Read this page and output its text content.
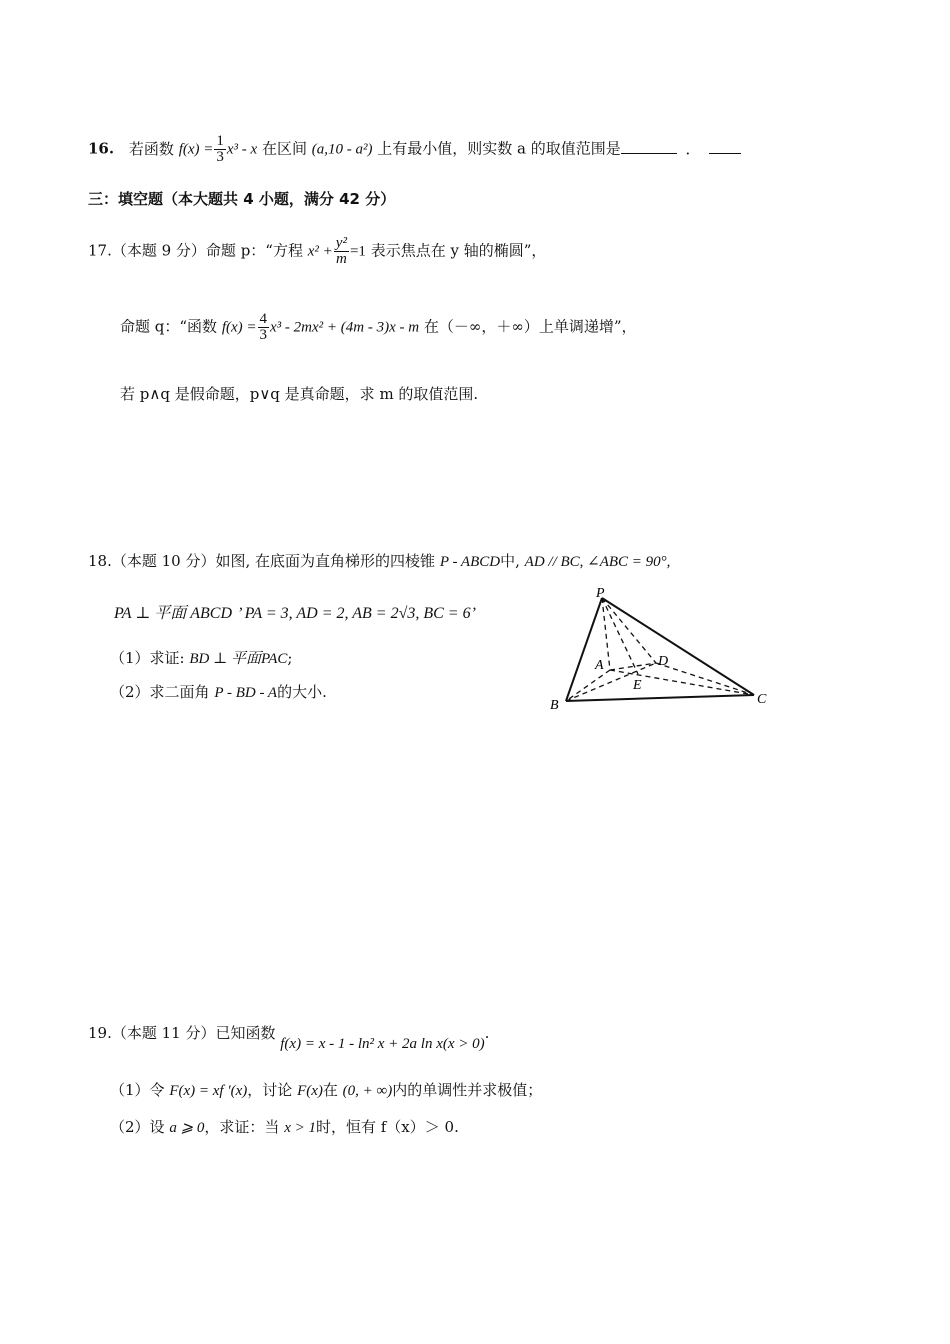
16. 若函数 $f(x) = \frac{1}{3} x^3 - x$ 在区间 (a,10 - a²) 上有最小值，则实数 a 的取值范围是	．
三：填空题（本大题共 4 小题，满分 42 分）
17.（本题 9 分）命题 p：“方程 $x^2 + \frac{\text{y²}}{m} =1$ 表示焦点在 y 轴的椭圆”，
命题 q：“函数 $f(x) = \frac{4}{3} x^3 - 2mx^2 + (4m - 3)x - m$ 在（－∞，＋∞）上单调递增”，
若 p∧q 是假命题，p∨q 是真命题，求 m 的取值范围.
18.（本题 10 分）如图, 在底面为直角梯形的四棱锥 P - ABCD中, AD // BC, ∠ABC = 90°,
PA ⊥ 平面 ABCD ’ PA = 3, AD = 2, AB = 2√3, BC = 6’
（1）求证: BD ⊥ 平面PAC;
（2）求二面角 P - BD - A的大小.
P
A	D
E
B	C
19.（本题 11 分）已知函数 f(x) = x - 1 - ln² x + 2a ln x(x > 0).
（1）令 F(x) = xf ′(x)，讨论 F(x)在 (0, + ∞)内的单调性并求极值；
（2）设 a ⩾ 0，求证：当 x > 1时，恒有 f（x）＞ 0.
